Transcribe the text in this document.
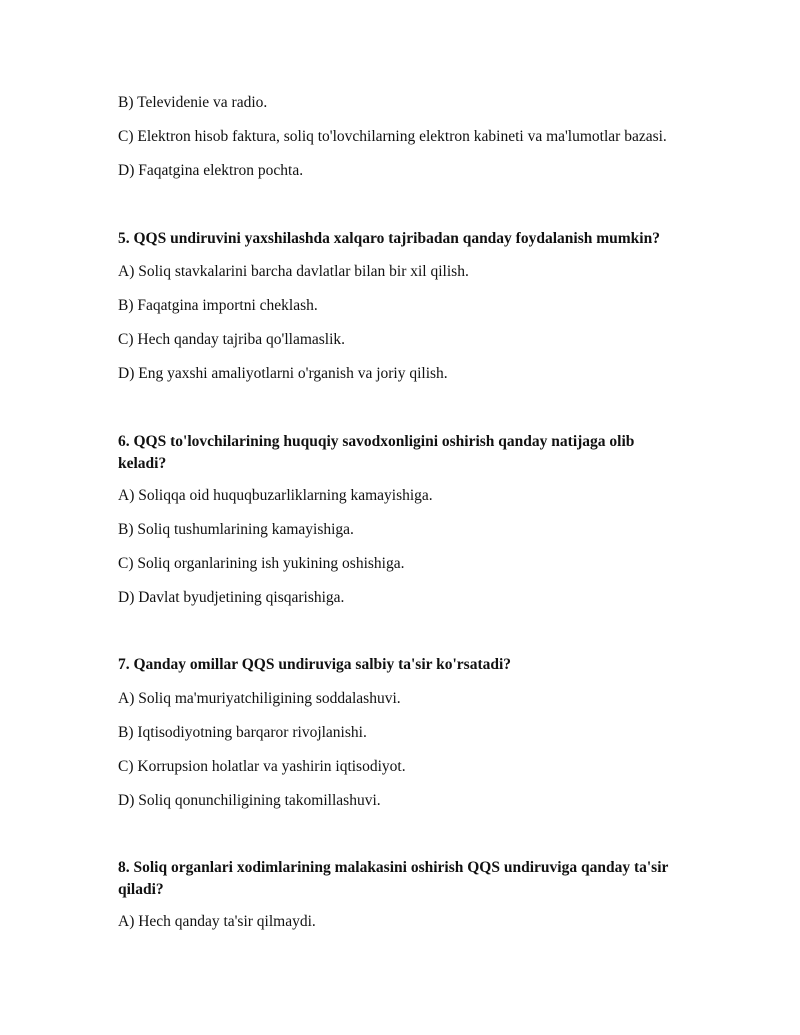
B) Televidenie va radio.
C) Elektron hisob faktura, soliq to'lovchilarning elektron kabineti va ma'lumotlar bazasi.
D) Faqatgina elektron pochta.
5. QQS undiruvini yaxshilashda xalqaro tajribadan qanday foydalanish mumkin?
A) Soliq stavkalarini barcha davlatlar bilan bir xil qilish.
B) Faqatgina importni cheklash.
C) Hech qanday tajriba qo'llamaslik.
D) Eng yaxshi amaliyotlarni o'rganish va joriy qilish.
6. QQS to'lovchilarining huquqiy savodxonligini oshirish qanday natijaga olib keladi?
A) Soliqqa oid huquqbuzarliklarning kamayishiga.
B) Soliq tushumlarining kamayishiga.
C) Soliq organlarining ish yukining oshishiga.
D) Davlat byudjetining qisqarishiga.
7. Qanday omillar QQS undiruviga salbiy ta'sir ko'rsatadi?
A) Soliq ma'muriyatchiligining soddalashuvi.
B) Iqtisodiyotning barqaror rivojlanishi.
C) Korrupsion holatlar va yashirin iqtisodiyot.
D) Soliq qonunchiligining takomillashuvi.
8. Soliq organlari xodimlarining malakasini oshirish QQS undiruviga qanday ta'sir qiladi?
A) Hech qanday ta'sir qilmaydi.
